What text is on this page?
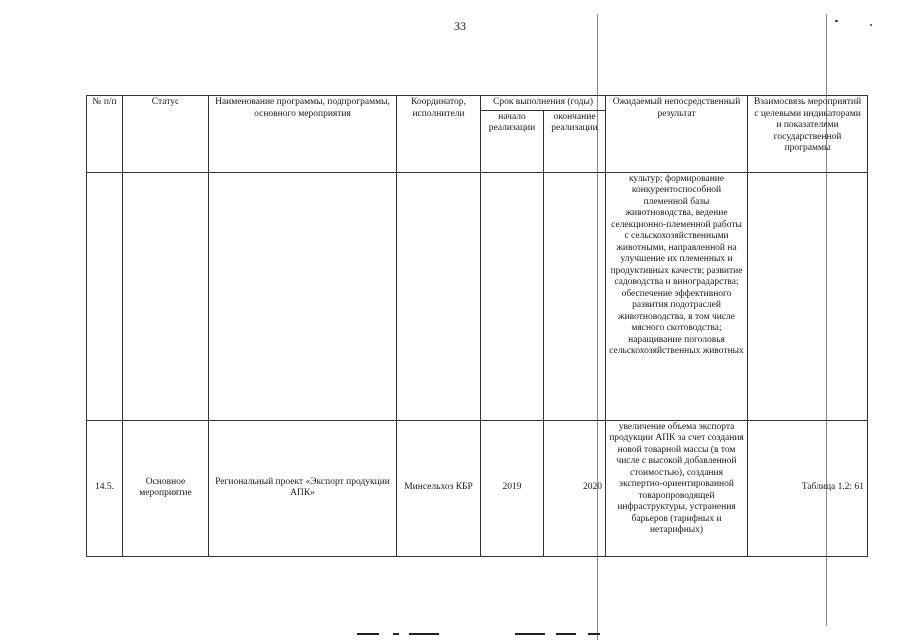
33
№ п/п	Статус	Наименование программы, подпрограммы, основного мероприятия	Координатор, исполнители	Срок выполнения (годы)		Ожидаемый непосредственный результат	Взаимосвязь мероприятий с целевыми индикаторами и показателями государственной программы
				начало реализации	окончание реализации		
						культур; формирование конкурентоспособной племенной базы животноводства, ведение селекционно-племенной работы с сельскохозяйственными животными, направленной на улучшение их племенных и продуктивных качеств; развитие садоводства и виноградарства; обеспечение эффективного развития подотраслей животноводства, в том числе мясного скотоводства; наращивание поголовья сельскохозяйственных животных	
14.5.	Основное мероприятие	Региональный проект «Экспорт продукции АПК»	Минсельхоз КБР	2019	2020	увеличение объема экспорта продукции АПК за счет создания новой товарной массы (в том числе с высокой добавленной стоимостью), создания экспертно-ориентированной товаропроводящей инфраструктуры, устранения барьеров (тарифных и нетарифных)	Таблица 1.2: 61
